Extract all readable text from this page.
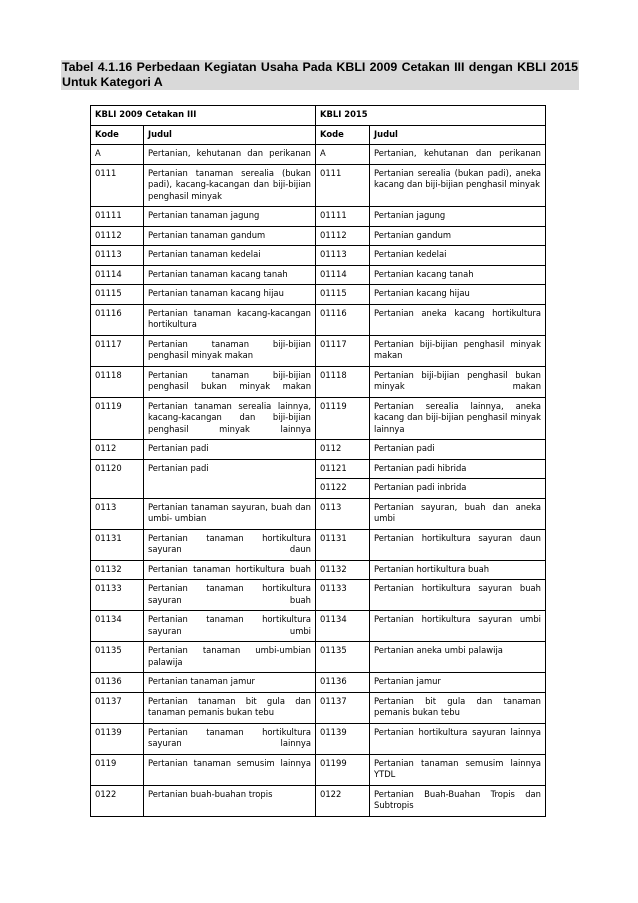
Tabel 4.1.16 Perbedaan Kegiatan Usaha Pada KBLI 2009 Cetakan III dengan KBLI 2015 Untuk Kategori A
KBLI 2009 Cetakan III		KBLI 2015	
Kode	Judul	Kode	Judul
A	Pertanian, kehutanan dan perikanan	A	Pertanian, kehutanan dan perikanan
0111	Pertanian tanaman serealia (bukan padi), kacang-kacangan dan biji-bijian penghasil minyak	0111	Pertanian serealia (bukan padi), aneka kacang dan biji-bijian penghasil minyak
01111	Pertanian tanaman jagung	01111	Pertanian jagung
01112	Pertanian tanaman gandum	01112	Pertanian gandum
01113	Pertanian tanaman kedelai	01113	Pertanian kedelai
01114	Pertanian tanaman kacang tanah	01114	Pertanian kacang tanah
01115	Pertanian tanaman kacang hijau	01115	Pertanian kacang hijau
01116	Pertanian tanaman kacang-kacangan hortikultura	01116	Pertanian aneka kacang hortikultura
01117	Pertanian tanaman biji-bijian penghasil minyak makan	01117	Pertanian biji-bijian penghasil minyak makan
01118	Pertanian tanaman biji-bijian penghasil bukan minyak makan	01118	Pertanian biji-bijian penghasil bukan minyak makan
01119	Pertanian tanaman serealia lainnya, kacang-kacangan dan biji-bijian penghasil minyak lainnya	01119	Pertanian serealia lainnya, aneka kacang dan biji-bijian penghasil minyak lainnya
0112	Pertanian padi	0112	Pertanian padi
01120	Pertanian padi	01121	Pertanian padi hibrida
		01122	Pertanian padi inbrida
0113	Pertanian tanaman sayuran, buah dan umbi- umbian	0113	Pertanian sayuran, buah dan aneka umbi
01131	Pertanian tanaman hortikultura sayuran daun	01131	Pertanian hortikultura sayuran daun
01132	Pertanian tanaman hortikultura buah	01132	Pertanian hortikultura buah
01133	Pertanian tanaman hortikultura sayuran buah	01133	Pertanian hortikultura sayuran buah
01134	Pertanian tanaman hortikultura sayuran umbi	01134	Pertanian hortikultura sayuran umbi
01135	Pertanian tanaman umbi-umbian palawija	01135	Pertanian aneka umbi palawija
01136	Pertanian tanaman jamur	01136	Pertanian jamur
01137	Pertanian tanaman bit gula dan tanaman pemanis bukan tebu	01137	Pertanian bit gula dan tanaman pemanis bukan tebu
01139	Pertanian tanaman hortikultura sayuran lainnya	01139	Pertanian hortikultura sayuran lainnya
0119	Pertanian tanaman semusim lainnya	01199	Pertanian tanaman semusim lainnya YTDL
0122	Pertanian buah-buahan tropis	0122	Pertanian Buah-Buahan Tropis dan Subtropis
